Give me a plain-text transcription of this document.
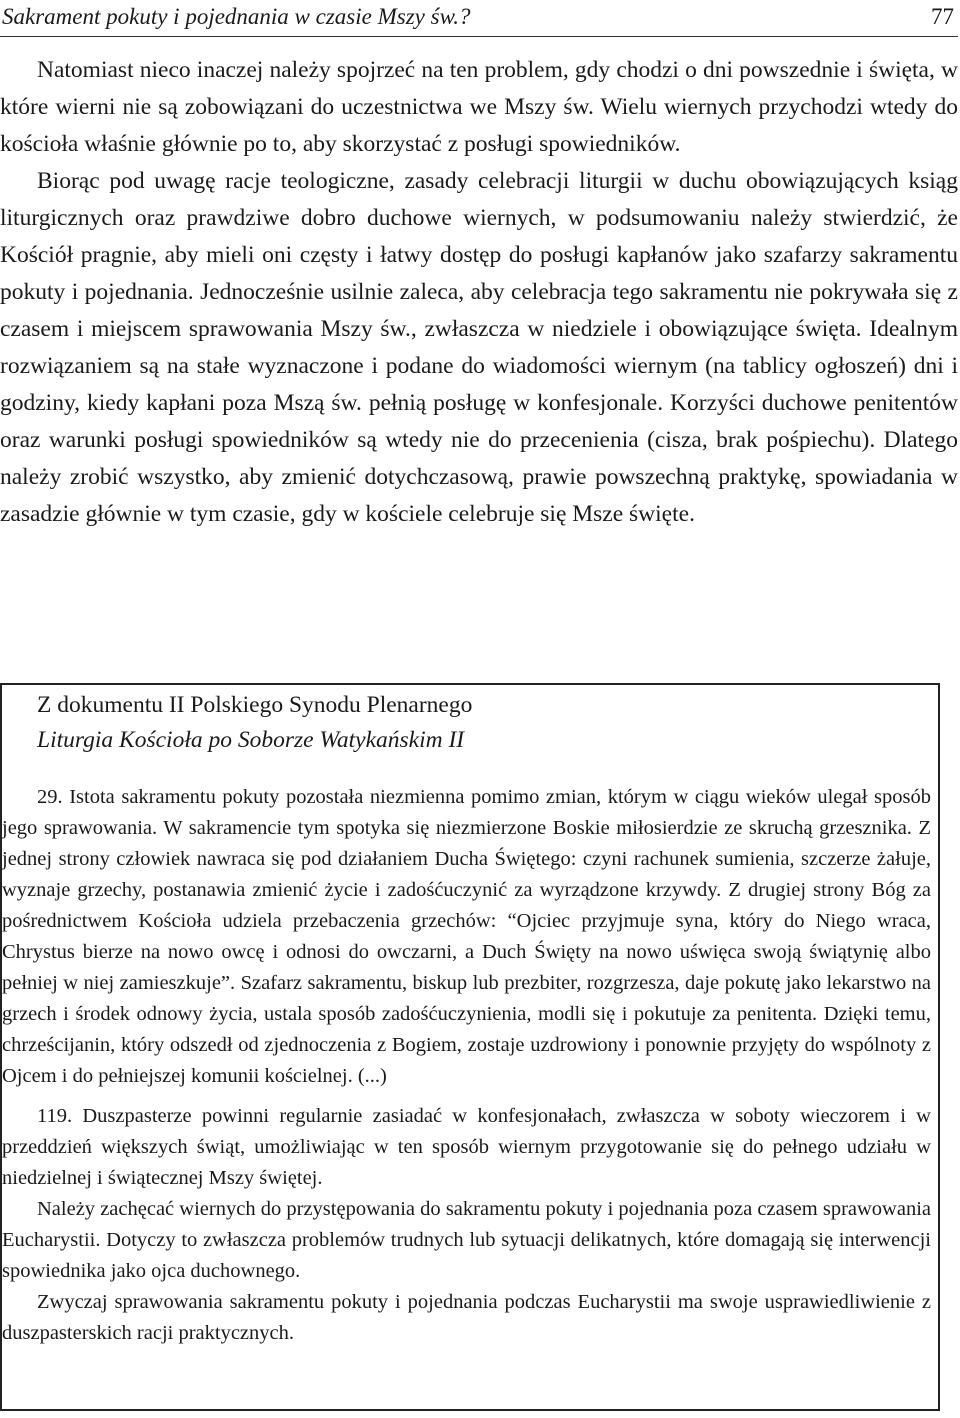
Sakrament pokuty i pojednania w czasie Mszy św.?	77

Natomiast nieco inaczej należy spojrzeć na ten problem, gdy chodzi o dni powszednie i święta, w które wierni nie są zobowiązani do uczestnictwa we Mszy św. Wielu wiernych przychodzi wtedy do kościoła właśnie głównie po to, aby skorzystać z posługi spowiedników.

Biorąc pod uwagę racje teologiczne, zasady celebracji liturgii w duchu obowiązujących ksiąg liturgicznych oraz prawdziwe dobro duchowe wiernych, w podsumowaniu należy stwierdzić, że Kościół pragnie, aby mieli oni częsty i łatwy dostęp do posługi kapłanów jako szafarzy sakramentu pokuty i pojednania. Jednocześnie usilnie zaleca, aby celebracja tego sakramentu nie pokrywała się z czasem i miejscem sprawowania Mszy św., zwłaszcza w niedziele i obowiązujące święta. Idealnym rozwiązaniem są na stałe wyznaczone i podane do wiadomości wiernym (na tablicy ogłoszeń) dni i godziny, kiedy kapłani poza Mszą św. pełnią posługę w konfesjonale. Korzyści duchowe penitentów oraz warunki posługi spowiedników są wtedy nie do przecenienia (cisza, brak pośpiechu). Dlatego należy zrobić wszystko, aby zmienić dotychczasową, prawie powszechną praktykę, spowiadania w zasadzie głównie w tym czasie, gdy w kościele celebruje się Msze święte.

Z dokumentu II Polskiego Synodu Plenarnego
Liturgia Kościoła po Soborze Watykańskim II

29. Istota sakramentu pokuty pozostała niezmienna pomimo zmian, którym w ciągu wieków ulegał sposób jego sprawowania. W sakramencie tym spotyka się niezmierzone Boskie miłosierdzie ze skruchą grzesznika. Z jednej strony człowiek nawraca się pod działaniem Ducha Świętego: czyni rachunek sumienia, szczerze żałuje, wyznaje grzechy, postanawia zmienić życie i zadośćuczynić za wyrządzone krzywdy. Z drugiej strony Bóg za pośrednictwem Kościoła udziela przebaczenia grzechów: “Ojciec przyjmuje syna, który do Niego wraca, Chrystus bierze na nowo owcę i odnosi do owczarni, a Duch Święty na nowo uświęca swoją świątynię albo pełniej w niej zamieszkuje”. Szafarz sakramentu, biskup lub prezbiter, rozgrzesza, daje pokutę jako lekarstwo na grzech i środek odnowy życia, ustala sposób zadośćuczynienia, modli się i pokutuje za penitenta. Dzięki temu, chrześcijanin, który odszedł od zjednoczenia z Bogiem, zostaje uzdrowiony i ponownie przyjęty do wspólnoty z Ojcem i do pełniejszej komunii kościelnej. (...)

119. Duszpasterze powinni regularnie zasiadać w konfesjonałach, zwłaszcza w soboty wieczorem i w przeddzień większych świąt, umożliwiając w ten sposób wiernym przygotowanie się do pełnego udziału w niedzielnej i świątecznej Mszy świętej.

Należy zachęcać wiernych do przystępowania do sakramentu pokuty i pojednania poza czasem sprawowania Eucharystii. Dotyczy to zwłaszcza problemów trudnych lub sytuacji delikatnych, które domagają się interwencji spowiednika jako ojca duchownego.

Zwyczaj sprawowania sakramentu pokuty i pojednania podczas Eucharystii ma swoje usprawiedliwienie z duszpasterskich racji praktycznych.
